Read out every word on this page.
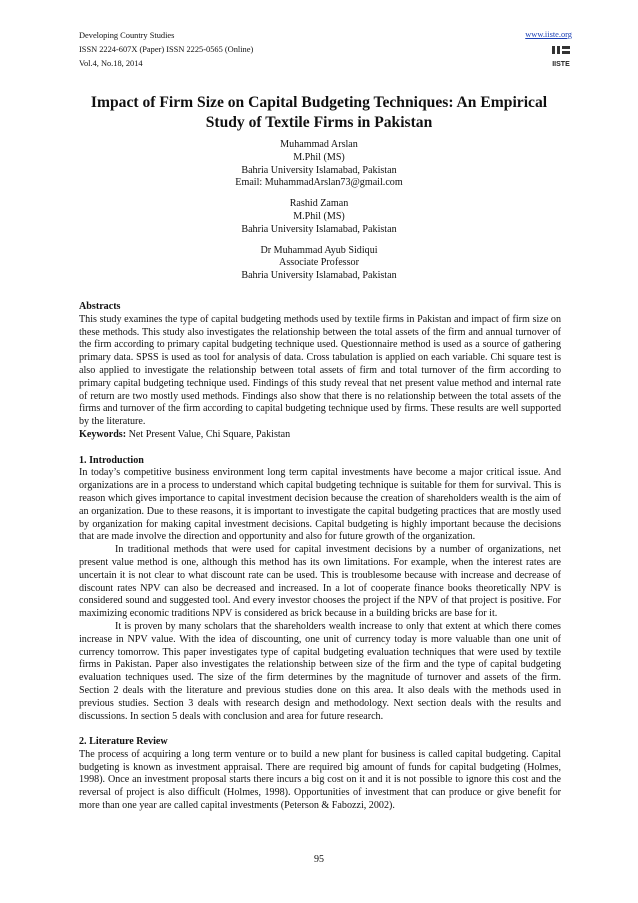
Developing Country Studies
ISSN 2224-607X (Paper) ISSN 2225-0565 (Online)
Vol.4, No.18, 2014
www.iiste.org
IISTE
Impact of Firm Size on Capital Budgeting Techniques: An Empirical Study of Textile Firms in Pakistan
Muhammad Arslan
M.Phil (MS)
Bahria University Islamabad, Pakistan
Email: MuhammadArslan73@gmail.com
Rashid Zaman
M.Phil (MS)
Bahria University Islamabad, Pakistan
Dr Muhammad Ayub Sidiqui
Associate Professor
Bahria University Islamabad, Pakistan

Abstracts

This study examines the type of capital budgeting methods used by textile firms in Pakistan and impact of firm size on these methods. This study also investigates the relationship between the total assets of the firm and annual turnover of the firm according to primary capital budgeting technique used. Questionnaire method is used as a source of gathering primary data. SPSS is used as tool for analysis of data. Cross tabulation is applied on each variable. Chi square test is also applied to investigate the relationship between total assets of firm and total turnover of the firm according to primary capital budgeting technique used. Findings of this study reveal that net present value method and internal rate of return are two mostly used methods. Findings also show that there is no relationship between the total assets of the firms and turnover of the firm according to capital budgeting technique used by firms. These results are well supported by the literature.

Keywords: Net Present Value, Chi Square, Pakistan

1. Introduction

In today’s competitive business environment long term capital investments have become a major critical issue. And organizations are in a process to understand which capital budgeting technique is suitable for them for survival. This is reason which gives importance to capital investment decision because the creation of shareholders wealth is the aim of an organization. Due to these reasons, it is important to investigate the capital budgeting practices that are mostly used by organization for making capital investment decisions. Capital budgeting is highly important because the decisions that are made involve the direction and opportunity and also for future growth of the organization.

In traditional methods that were used for capital investment decisions by a number of organizations, net present value method is one, although this method has its own limitations. For example, when the interest rates are uncertain it is not clear to what discount rate can be used. This is troublesome because with increase and decrease of discount rates NPV can also be decreased and increased. In a lot of cooperate finance books theoretically NPV is considered sound and suggested tool. And every investor chooses the project if the NPV of that project is positive. For maximizing economic traditions NPV is considered as brick because in a building bricks are base for it.

It is proven by many scholars that the shareholders wealth increase to only that extent at which there comes increase in NPV value. With the idea of discounting, one unit of currency today is more valuable than one unit of currency tomorrow. This paper investigates type of capital budgeting evaluation techniques that were used by textile firms in Pakistan. Paper also investigates the relationship between size of the firm and the type of capital budgeting evaluation techniques used. The size of the firm determines by the magnitude of turnover and assets of the firm. Section 2 deals with the literature and previous studies done on this area. It also deals with the methods used in previous studies. Section 3 deals with research design and methodology. Next section deals with the results and discussions. In section 5 deals with conclusion and area for future research.

2. Literature Review

The process of acquiring a long term venture or to build a new plant for business is called capital budgeting. Capital budgeting is known as investment appraisal. There are required big amount of funds for capital budgeting (Holmes, 1998). Once an investment proposal starts there incurs a big cost on it and it is not possible to ignore this cost and the reversal of project is also difficult (Holmes, 1998). Opportunities of investment that can produce or give benefit for more than one year are called capital investments (Peterson & Fabozzi, 2002).

95
